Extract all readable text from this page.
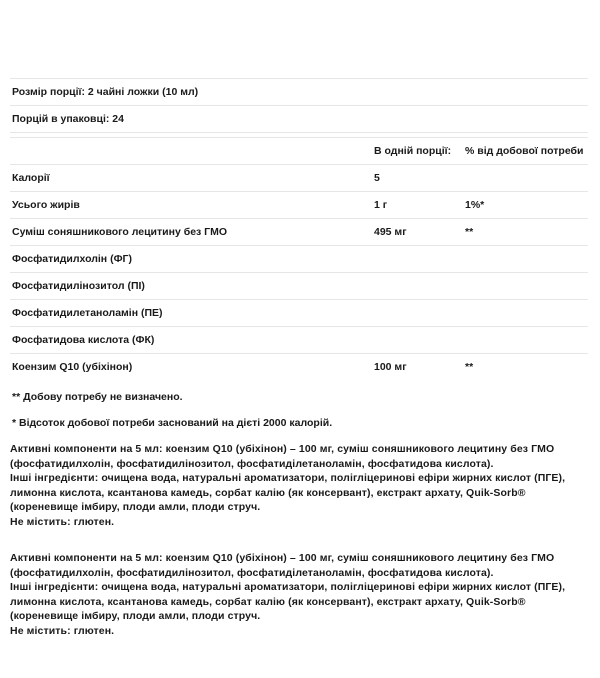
Розмір порції: 2 чайні ложки (10 мл)		
Порцій в упаковці: 24		

	В одній порції:	% від добової потреби
Калорії	5	
Усього жирів	1 г	1%*
Суміш соняшникового лецитину без ГМО	495 мг	**
Фосфатидилхолін (ФГ)		
Фосфатидилінозитол (ПІ)		
Фосфатидилетаноламін (ПЕ)		
Фосфатидова кислота (ФК)		
Коензим Q10 (убіхінон)	100 мг	**

** Добову потребу не визначено.

* Відсоток добової потреби заснований на дієті 2000 калорій.

Активні компоненти на 5 мл: коензим Q10 (убіхінон) – 100 мг, суміш соняшникового лецитину без ГМО (фосфатидилхолін, фосфатидилінозитол, фосфатиділетаноламін, фосфатидова кислота).

Інші інгредієнти: очищена вода, натуральні ароматизатори, полігліцеринові ефіри жирних кислот (ПГЕ), лимонна кислота, ксантанова камедь, сорбат калію (як консервант), екстракт архату, Quik-Sorb® (кореневище імбиру, плоди амли, плоди струч.

Не містить: глютен.

Активні компоненти на 5 мл: коензим Q10 (убіхінон) – 100 мг, суміш соняшникового лецитину без ГМО (фосфатидилхолін, фосфатидилінозитол, фосфатиділетаноламін, фосфатидова кислота).

Інші інгредієнти: очищена вода, натуральні ароматизатори, полігліцеринові ефіри жирних кислот (ПГЕ), лимонна кислота, ксантанова камедь, сорбат калію (як консервант), екстракт архату, Quik-Sorb® (кореневище імбиру, плоди амли, плоди струч.

Не містить: глютен.
